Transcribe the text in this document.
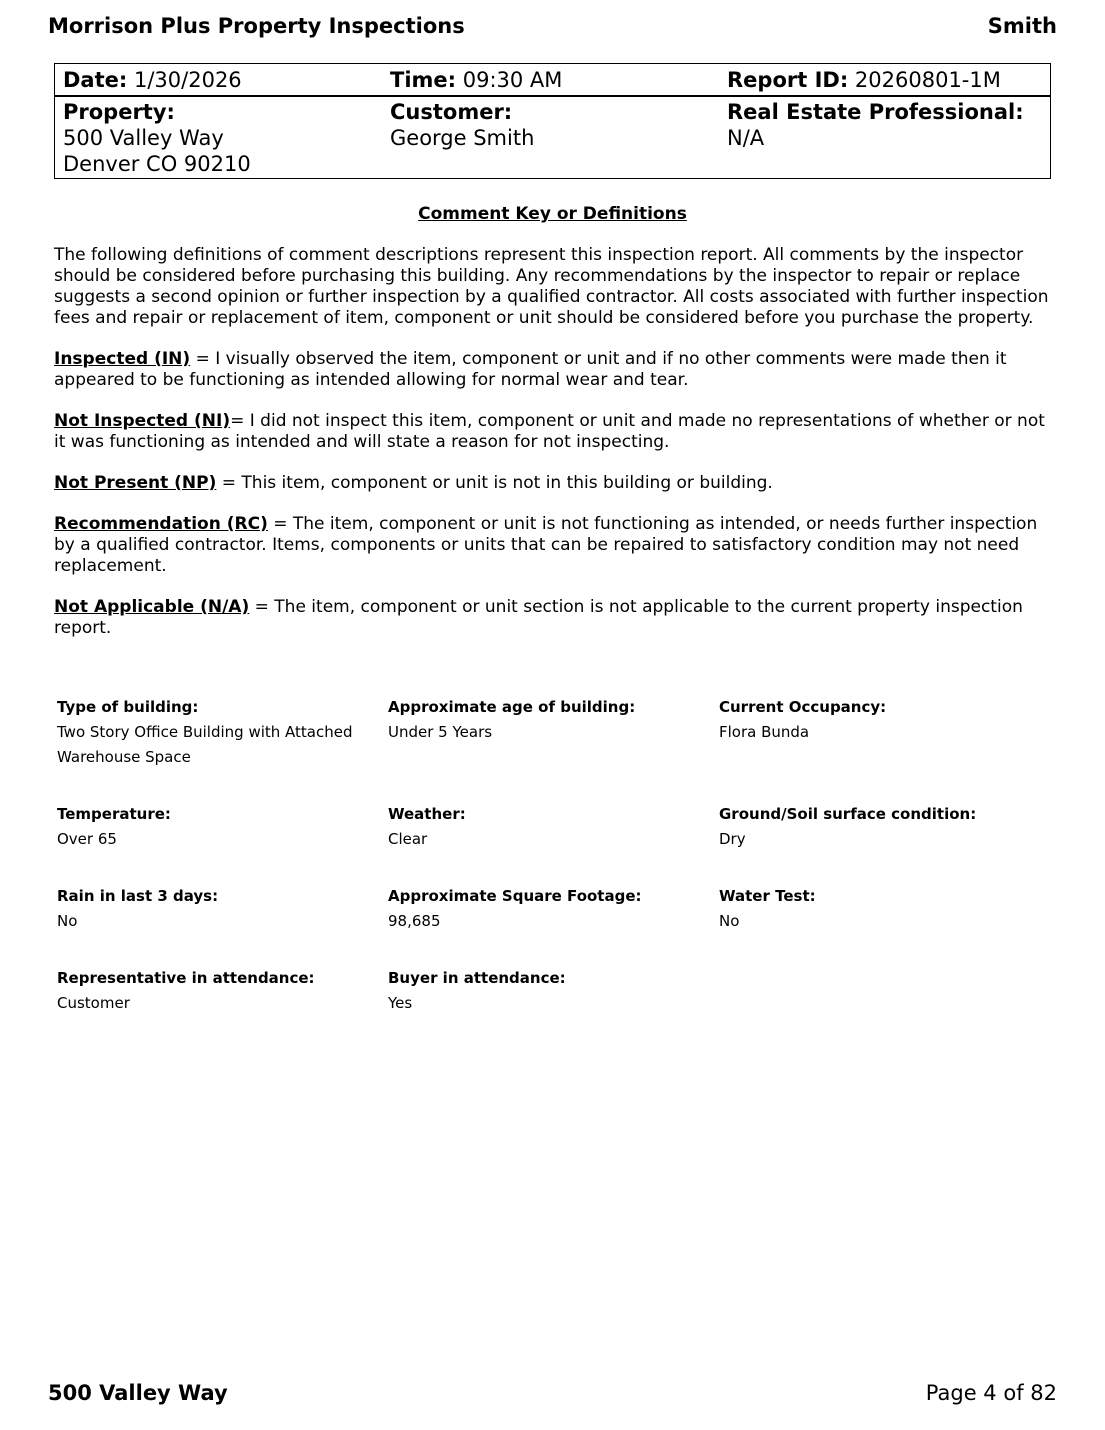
Morrison Plus Property Inspections	Smith
Date: 1/30/2026	Time: 09:30 AM	Report ID: 20260801-1M
Property:
500 Valley Way
Denver CO 90210
Customer:
George Smith
Real Estate Professional:
N/A
Comment Key or Definitions

The following definitions of comment descriptions represent this inspection report. All comments by the inspector should be considered before purchasing this building. Any recommendations by the inspector to repair or replace suggests a second opinion or further inspection by a qualified contractor. All costs associated with further inspection fees and repair or replacement of item, component or unit should be considered before you purchase the property.

Inspected (IN) = I visually observed the item, component or unit and if no other comments were made then it appeared to be functioning as intended allowing for normal wear and tear.

Not Inspected (NI)= I did not inspect this item, component or unit and made no representations of whether or not it was functioning as intended and will state a reason for not inspecting.

Not Present (NP) = This item, component or unit is not in this building or building.

Recommendation (RC) = The item, component or unit is not functioning as intended, or needs further inspection by a qualified contractor. Items, components or units that can be repaired to satisfactory condition may not need replacement.

Not Applicable (N/A) = The item, component or unit section is not applicable to the current property inspection report.

Type of building:
Two Story Office Building with Attached Warehouse Space
Approximate age of building:
Under 5 Years
Current Occupancy:
Flora Bunda
Temperature:
Over 65
Weather:
Clear
Ground/Soil surface condition:
Dry
Rain in last 3 days:
No
Approximate Square Footage:
98,685
Water Test:
No
Representative in attendance:
Customer
Buyer in attendance:
Yes
500 Valley Way	Page 4 of 82
